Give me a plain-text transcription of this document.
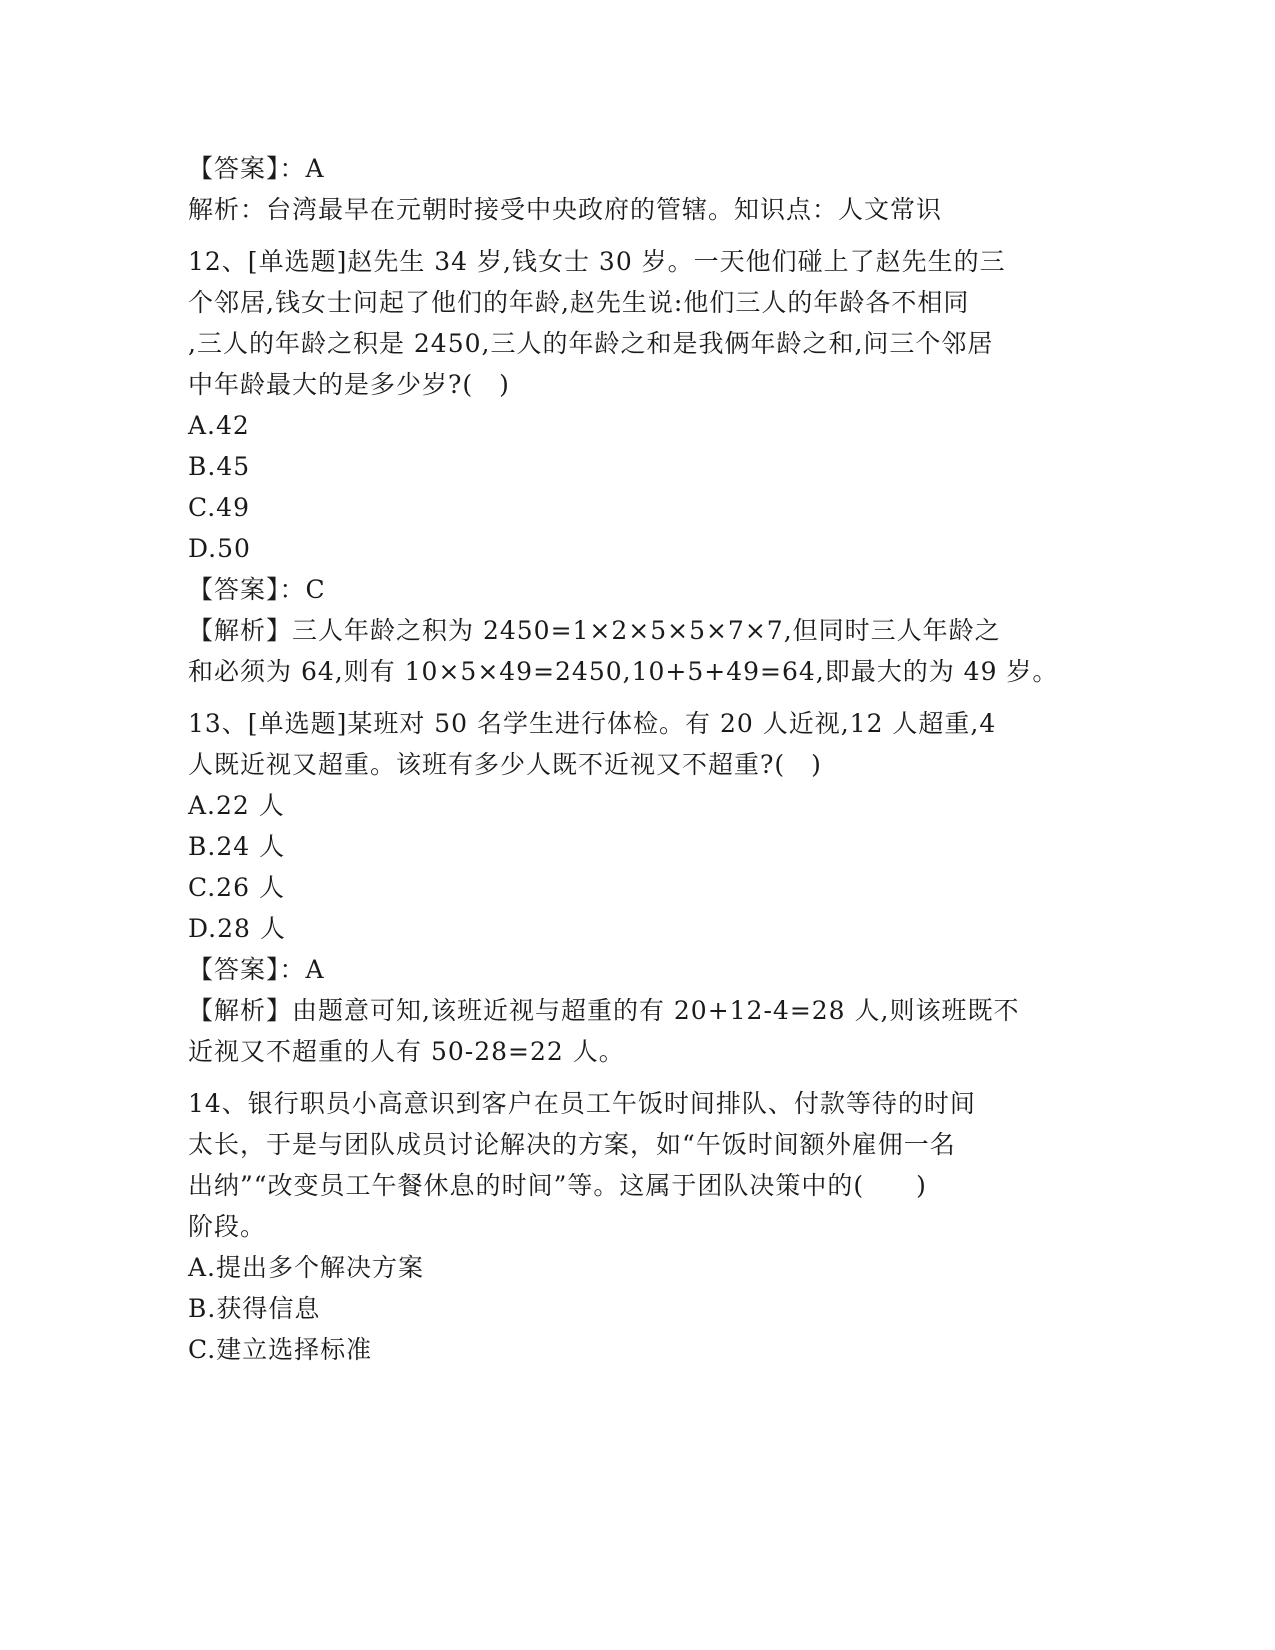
【答案】：A
解析：台湾最早在元朝时接受中央政府的管辖。知识点：人文常识
12、[单选题]赵先生 34 岁,钱女士 30 岁。一天他们碰上了赵先生的三
个邻居,钱女士问起了他们的年龄,赵先生说:他们三人的年龄各不相同
,三人的年龄之积是 2450,三人的年龄之和是我俩年龄之和,问三个邻居
中年龄最大的是多少岁?(　)
A.42
B.45
C.49
D.50
【答案】：C
【解析】三人年龄之积为 2450=1×2×5×5×7×7,但同时三人年龄之
和必须为 64,则有 10×5×49=2450,10+5+49=64,即最大的为 49 岁。
13、[单选题]某班对 50 名学生进行体检。有 20 人近视,12 人超重,4
人既近视又超重。该班有多少人既不近视又不超重?(　)
A.22 人
B.24 人
C.26 人
D.28 人
【答案】：A
【解析】由题意可知,该班近视与超重的有 20+12-4=28 人,则该班既不
近视又不超重的人有 50-28=22 人。
14、银行职员小高意识到客户在员工午饭时间排队、付款等待的时间
太长，于是与团队成员讨论解决的方案，如“午饭时间额外雇佣一名
出纳”“改变员工午餐休息的时间”等。这属于团队决策中的(　　)
阶段。
A.提出多个解决方案
B.获得信息
C.建立选择标准
